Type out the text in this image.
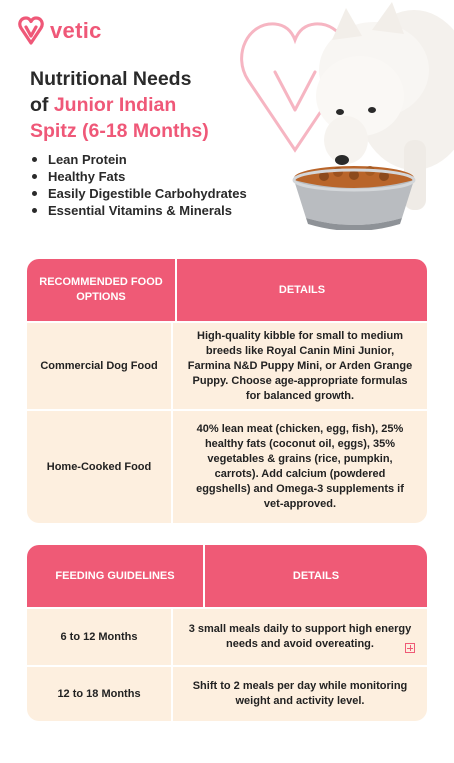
vetic
Nutritional Needs
of Junior Indian
Spitz (6-18 Months)
Lean Protein
Healthy Fats
Easily Digestible Carbohydrates
Essential Vitamins & Minerals
RECOMMENDED FOOD OPTIONS
DETAILS
Commercial Dog Food
High-quality kibble for small to medium breeds like Royal Canin Mini Junior, Farmina N&D Puppy Mini, or Arden Grange Puppy. Choose age-appropriate formulas for balanced growth.
Home-Cooked Food
40% lean meat (chicken, egg, fish), 25% healthy fats (coconut oil, eggs), 35% vegetables & grains (rice, pumpkin, carrots). Add calcium (powdered eggshells) and Omega-3 supplements if vet-approved.
FEEDING GUIDELINES	DETAILS
6 to 12 Months
3 small meals daily to support high energy needs and avoid overeating.
12 to 18 Months
Shift to 2 meals per day while monitoring weight and activity level.
